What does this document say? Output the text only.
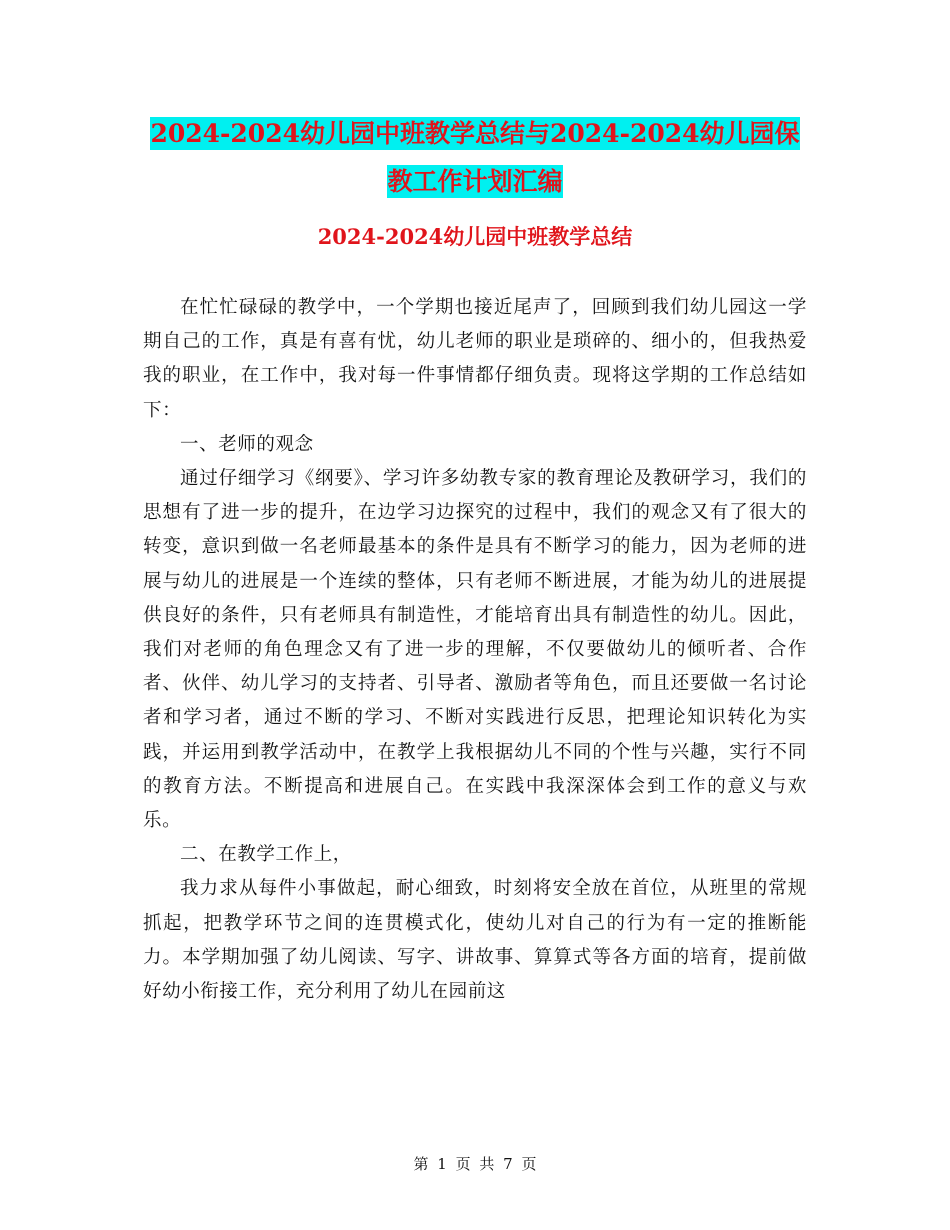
2024-2024幼儿园中班教学总结与2024-2024幼儿园保
教工作计划汇编
2024-2024幼儿园中班教学总结

在忙忙碌碌的教学中，一个学期也接近尾声了，回顾到我们幼儿园这一学期自己的工作，真是有喜有忧，幼儿老师的职业是琐碎的、细小的，但我热爱我的职业，在工作中，我对每一件事情都仔细负责。现将这学期的工作总结如下：

一、老师的观念

通过仔细学习《纲要》、学习许多幼教专家的教育理论及教研学习，我们的思想有了进一步的提升，在边学习边探究的过程中，我们的观念又有了很大的转变，意识到做一名老师最基本的条件是具有不断学习的能力，因为老师的进展与幼儿的进展是一个连续的整体，只有老师不断进展，才能为幼儿的进展提供良好的条件，只有老师具有制造性，才能培育出具有制造性的幼儿。因此，我们对老师的角色理念又有了进一步的理解，不仅要做幼儿的倾听者、合作者、伙伴、幼儿学习的支持者、引导者、激励者等角色，而且还要做一名讨论者和学习者，通过不断的学习、不断对实践进行反思，把理论知识转化为实践，并运用到教学活动中，在教学上我根据幼儿不同的个性与兴趣，实行不同的教育方法。不断提高和进展自己。在实践中我深深体会到工作的意义与欢乐。

二、在教学工作上，

我力求从每件小事做起，耐心细致，时刻将安全放在首位，从班里的常规抓起，把教学环节之间的连贯模式化，使幼儿对自己的行为有一定的推断能力。本学期加强了幼儿阅读、写字、讲故事、算算式等各方面的培育，提前做好幼小衔接工作，充分利用了幼儿在园前这

第 1 页 共 7 页
